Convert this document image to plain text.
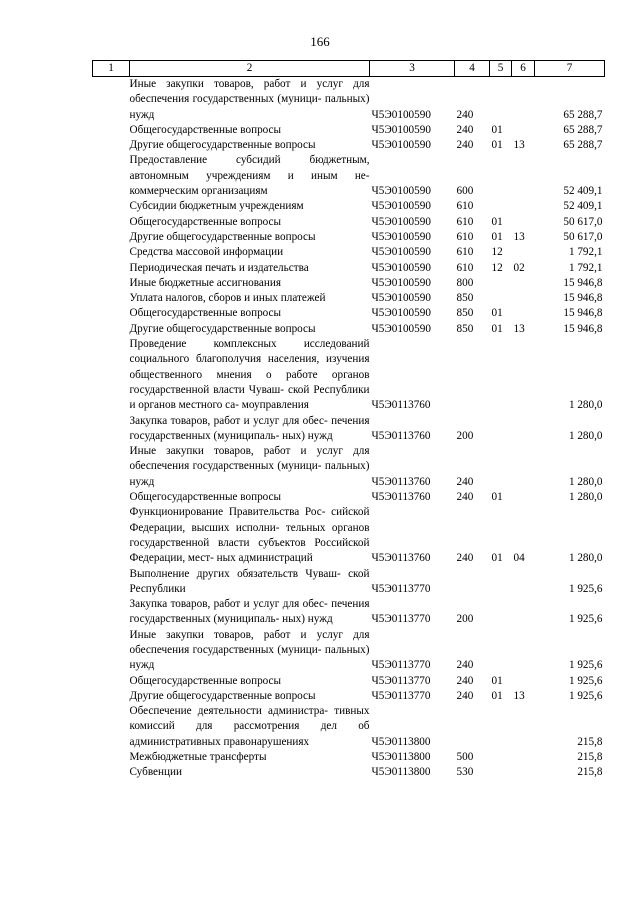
166
1	2	3	4	5	6	7
	Иные закупки товаров, работ и услуг для обеспечения государственных (муници- пальных) нужд	Ч5Э0100590	240			65 288,7
	Общегосударственные вопросы	Ч5Э0100590	240	01		65 288,7
	Другие общегосударственные вопросы	Ч5Э0100590	240	01	13	65 288,7
	Предоставление субсидий бюджетным, автономным учреждениям и иным не- коммерческим организациям	Ч5Э0100590	600			52 409,1
	Субсидии бюджетным учреждениям	Ч5Э0100590	610			52 409,1
	Общегосударственные вопросы	Ч5Э0100590	610	01		50 617,0
	Другие общегосударственные вопросы	Ч5Э0100590	610	01	13	50 617,0
	Средства массовой информации	Ч5Э0100590	610	12		1 792,1
	Периодическая печать и издательства	Ч5Э0100590	610	12	02	1 792,1
	Иные бюджетные ассигнования	Ч5Э0100590	800			15 946,8
	Уплата налогов, сборов и иных платежей	Ч5Э0100590	850			15 946,8
	Общегосударственные вопросы	Ч5Э0100590	850	01		15 946,8
	Другие общегосударственные вопросы	Ч5Э0100590	850	01	13	15 946,8
	Проведение комплексных исследований социального благополучия населения, изучения общественного мнения о работе органов государственной власти Чуваш- ской Республики и органов местного са- моуправления	Ч5Э0113760				1 280,0
	Закупка товаров, работ и услуг для обес- печения государственных (муниципаль- ных) нужд	Ч5Э0113760	200			1 280,0
	Иные закупки товаров, работ и услуг для обеспечения государственных (муници- пальных) нужд	Ч5Э0113760	240			1 280,0
	Общегосударственные вопросы	Ч5Э0113760	240	01		1 280,0
	Функционирование Правительства Рос- сийской Федерации, высших исполни- тельных органов государственной власти субъектов Российской Федерации, мест- ных администраций	Ч5Э0113760	240	01	04	1 280,0
	Выполнение других обязательств Чуваш- ской Республики	Ч5Э0113770				1 925,6
	Закупка товаров, работ и услуг для обес- печения государственных (муниципаль- ных) нужд	Ч5Э0113770	200			1 925,6
	Иные закупки товаров, работ и услуг для обеспечения государственных (муници- пальных) нужд	Ч5Э0113770	240			1 925,6
	Общегосударственные вопросы	Ч5Э0113770	240	01		1 925,6
	Другие общегосударственные вопросы	Ч5Э0113770	240	01	13	1 925,6
	Обеспечение деятельности администра- тивных комиссий для рассмотрения дел об административных правонарушениях	Ч5Э0113800				215,8
	Межбюджетные трансферты	Ч5Э0113800	500			215,8
	Субвенции	Ч5Э0113800	530			215,8
